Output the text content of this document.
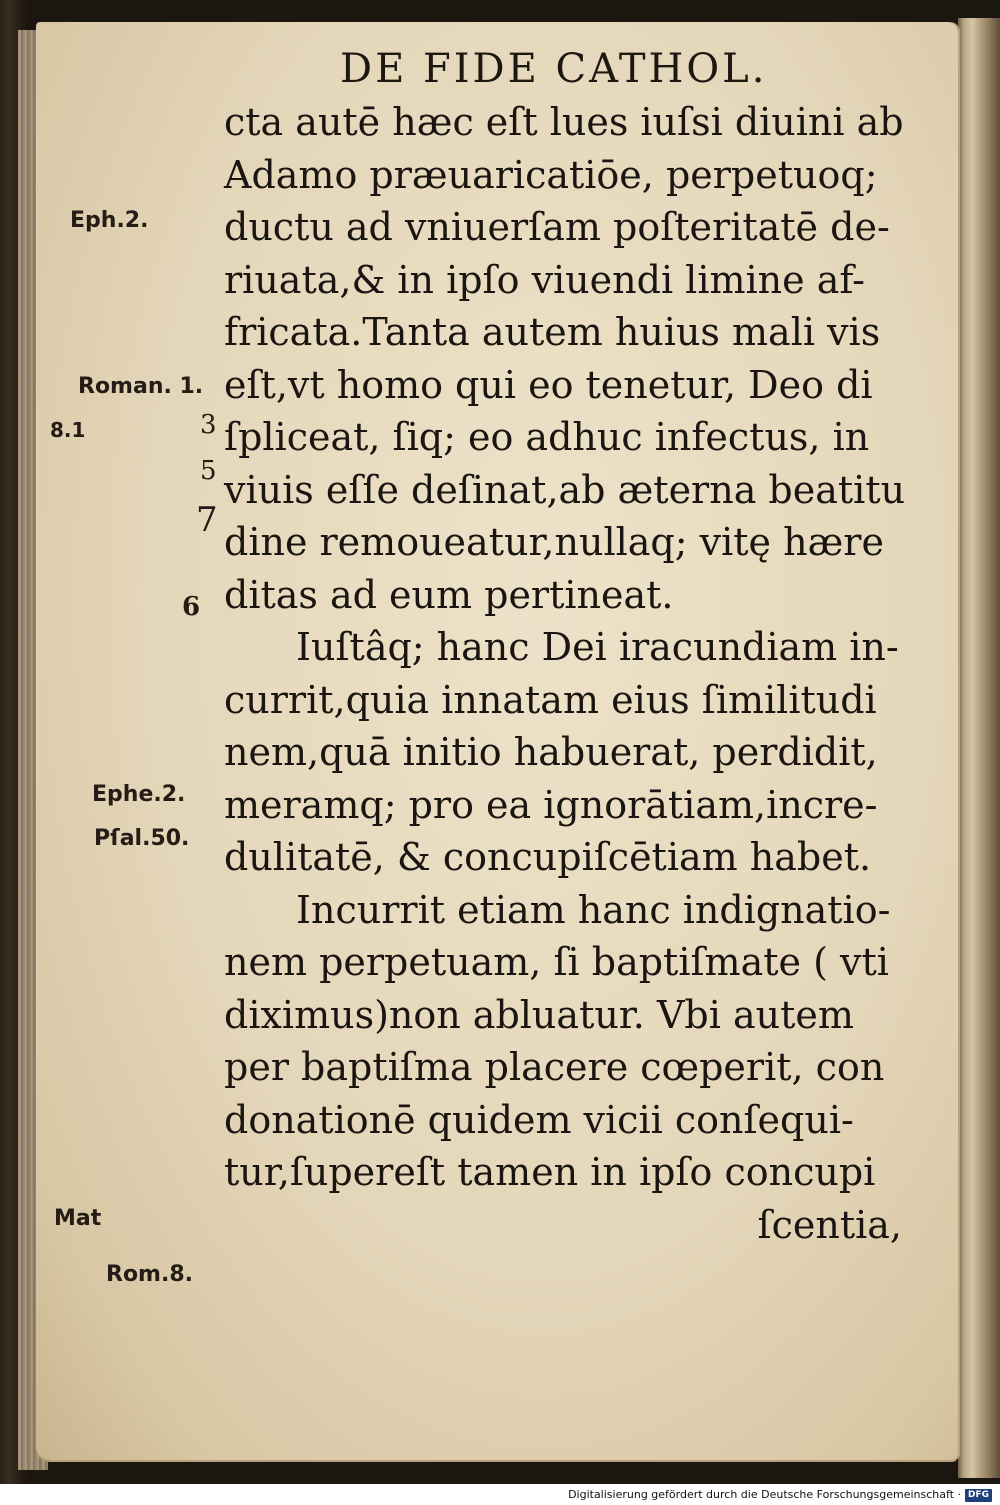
DE FIDE CATHOL.
cta autē hæc eſt lues iuſsi diuini ab
Adamo præuaricatiōe, perpetuoq;
ductu ad vniuerſam poſteritatē de-
riuata,& in ipſo viuendi limine af-
fricata.Tanta autem huius mali vis
eſt,vt homo qui eo tenetur, Deo di
ſpliceat, ſiq; eo adhuc infectus, in
viuis eſſe deſinat,ab æterna beatitu
dine remoueatur,nullaq; vitę hære
ditas ad eum pertineat.
Iuſtâq; hanc Dei iracundiam in-
currit,quia innatam eius ſimilitudi
nem,quā initio habuerat, perdidit,
meramq; pro ea ignorātiam,incre-
dulitatē, & concupiſcētiam habet.
Incurrit etiam hanc indignatio-
nem perpetuam, ſi baptiſmate ( vti
diximus)non abluatur. Vbi autem
per baptiſma placere cœperit, con
donationē quidem vicii conſequi-
tur,ſupereſt tamen in ipſo concupi
ſcentia,
Eph.2.
Roman. 1.
8.1	3
5
7
6
Ephe.2.
Pſal.50.
Mat
Rom.8.
Digitalisierung gefördert durch die Deutsche Forschungsgemeinschaft · DFG
